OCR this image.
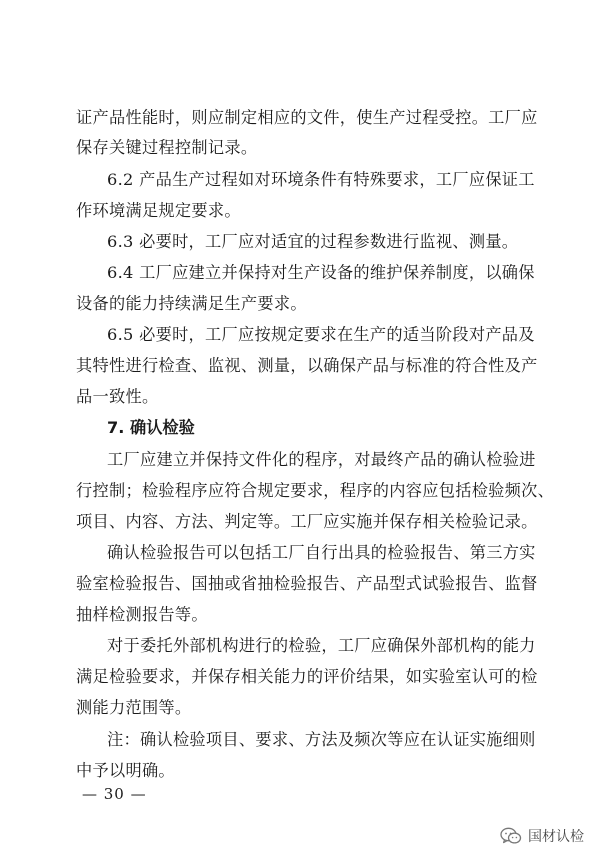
证产品性能时，则应制定相应的文件，使生产过程受控。工厂应
保存关键过程控制记录。
6.2 产品生产过程如对环境条件有特殊要求，工厂应保证工
作环境满足规定要求。
6.3 必要时，工厂应对适宜的过程参数进行监视、测量。
6.4 工厂应建立并保持对生产设备的维护保养制度，以确保
设备的能力持续满足生产要求。
6.5 必要时，工厂应按规定要求在生产的适当阶段对产品及
其特性进行检查、监视、测量，以确保产品与标准的符合性及产
品一致性。
7. 确认检验
工厂应建立并保持文件化的程序，对最终产品的确认检验进
行控制；检验程序应符合规定要求，程序的内容应包括检验频次、
项目、内容、方法、判定等。工厂应实施并保存相关检验记录。
确认检验报告可以包括工厂自行出具的检验报告、第三方实
验室检验报告、国抽或省抽检验报告、产品型式试验报告、监督
抽样检测报告等。
对于委托外部机构进行的检验，工厂应确保外部机构的能力
满足检验要求，并保存相关能力的评价结果，如实验室认可的检
测能力范围等。
注：确认检验项目、要求、方法及频次等应在认证实施细则
中予以明确。
— 30 —
国材认检
